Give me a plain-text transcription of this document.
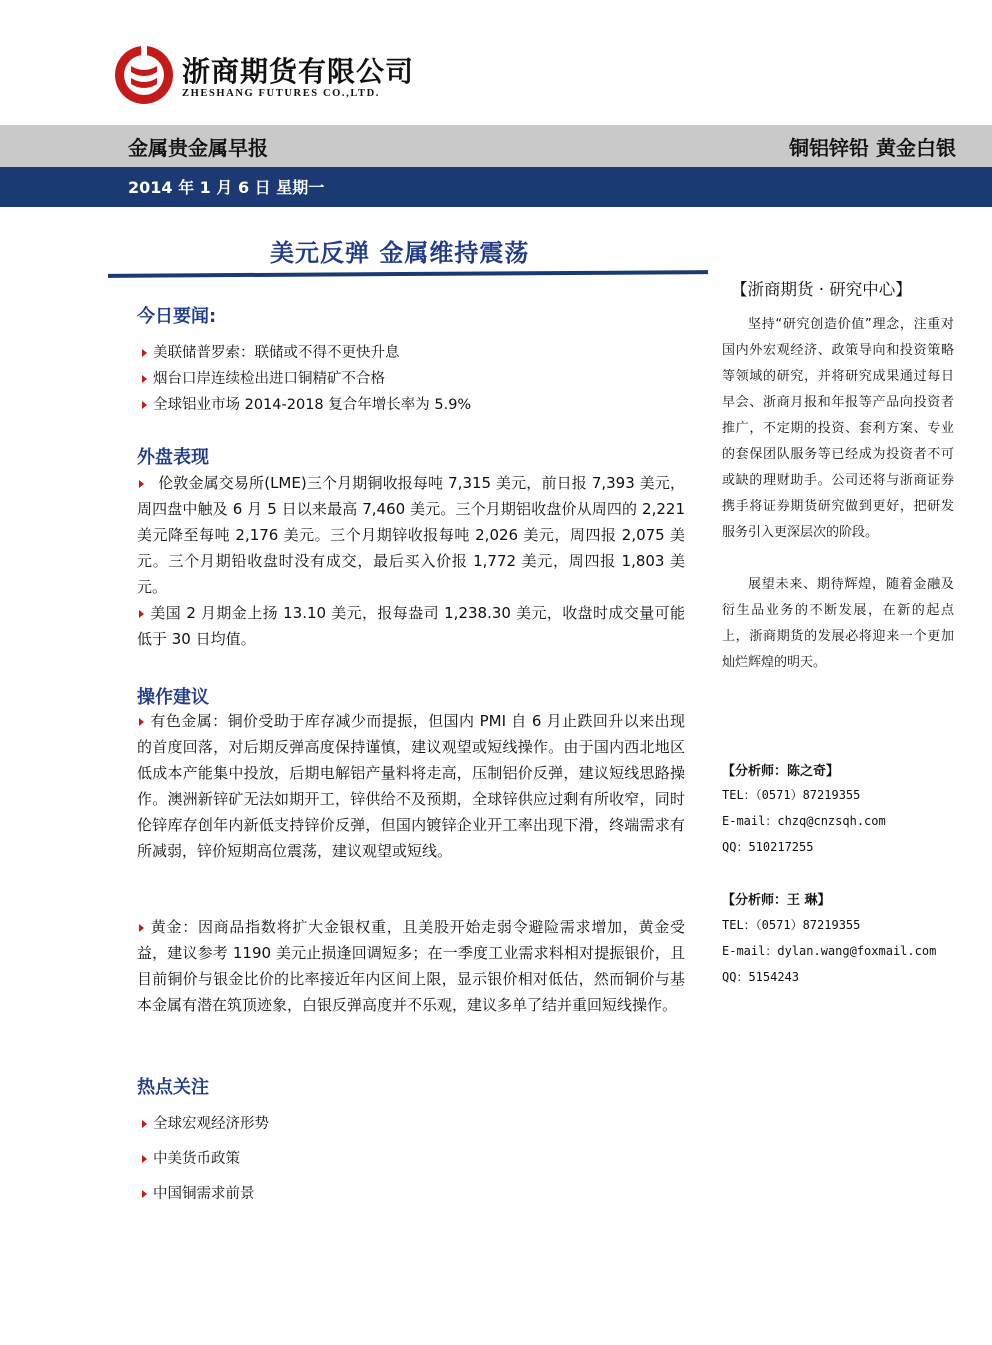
浙商期货有限公司
ZHESHANG FUTURES CO.,LTD.
金属贵金属早报	铜铝锌铅 黄金白银
2014 年 1 月 6 日 星期一
美元反弹 金属维持震荡
今日要闻:
美联储普罗索：联储或不得不更快升息
烟台口岸连续检出进口铜精矿不合格
全球铝业市场 2014-2018 复合年增长率为 5.9%
外盘表现
伦敦金属交易所(LME)三个月期铜收报每吨 7,315 美元，前日报 7,393 美元，周四盘中触及 6 月 5 日以来最高 7,460 美元。三个月期铝收盘价从周四的 2,221 美元降至每吨 2,176 美元。三个月期锌收报每吨 2,026 美元，周四报 2,075 美元。三个月期铅收盘时没有成交，最后买入价报 1,772 美元，周四报 1,803 美元。
美国 2 月期金上扬 13.10 美元，报每盎司 1,238.30 美元，收盘时成交量可能低于 30 日均值。
操作建议
有色金属：铜价受助于库存减少而提振，但国内 PMI 自 6 月止跌回升以来出现的首度回落，对后期反弹高度保持谨慎，建议观望或短线操作。由于国内西北地区低成本产能集中投放，后期电解铝产量料将走高，压制铝价反弹，建议短线思路操作。澳洲新锌矿无法如期开工，锌供给不及预期，全球锌供应过剩有所收窄，同时伦锌库存创年内新低支持锌价反弹，但国内镀锌企业开工率出现下滑，终端需求有所减弱，锌价短期高位震荡，建议观望或短线。
黄金：因商品指数将扩大金银权重，且美股开始走弱令避险需求增加，黄金受益，建议参考 1190 美元止损逢回调短多；在一季度工业需求料相对提振银价，且目前铜价与银金比价的比率接近年内区间上限，显示银价相对低估，然而铜价与基本金属有潜在筑顶迹象，白银反弹高度并不乐观，建议多单了结并重回短线操作。
热点关注
全球宏观经济形势
中美货币政策
中国铜需求前景
【浙商期货 · 研究中心】
坚持“研究创造价值”理念，注重对国内外宏观经济、政策导向和投资策略等领域的研究，并将研究成果通过每日早会、浙商月报和年报等产品向投资者推广，不定期的投资、套利方案、专业的套保团队服务等已经成为投资者不可或缺的理财助手。公司还将与浙商证券携手将证券期货研究做到更好，把研发服务引入更深层次的阶段。
展望未来、期待辉煌，随着金融及衍生品业务的不断发展，在新的起点上，浙商期货的发展必将迎来一个更加灿烂辉煌的明天。
【分析师：陈之奇】
TEL：（0571）87219355
E-mail：chzq@cnzsqh.com
QQ：510217255
【分析师：王 琳】
TEL：（0571）87219355
E-mail：dylan.wang@foxmail.com
QQ：5154243
